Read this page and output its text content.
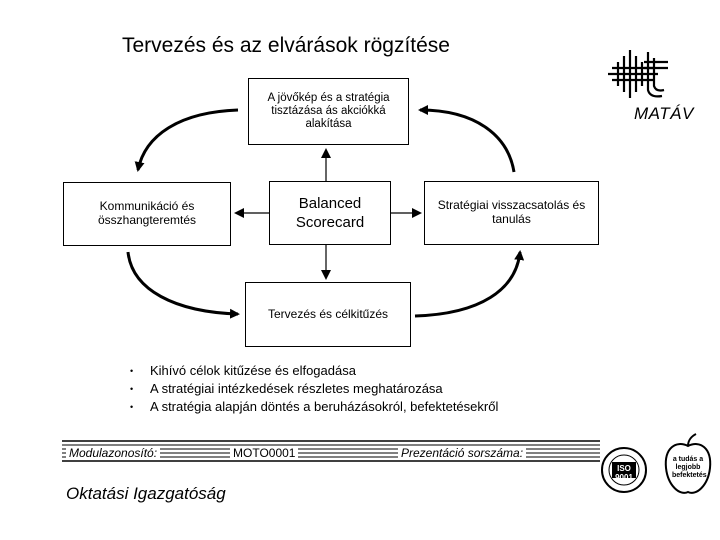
Tervezés és az elvárások rögzítése
MATÁV
A jövőkép és a stratégia tisztázása ás akciókká alakítása
Kommunikáció és összhangteremtés
Balanced
Scorecard
Stratégiai visszacsatolás és tanulás
Tervezés és célkitűzés
•	Kihívó célok kitűzése és elfogadása
•	A stratégiai intézkedések részletes meghatározása
•	A stratégia alapján döntés a beruházásokról, befektetésekről
Modulazonosító:	MOTO0001	Prezentáció sorszáma:
Oktatási Igazgatóság
ISO 9001
a tudás a legjobb befektetés
